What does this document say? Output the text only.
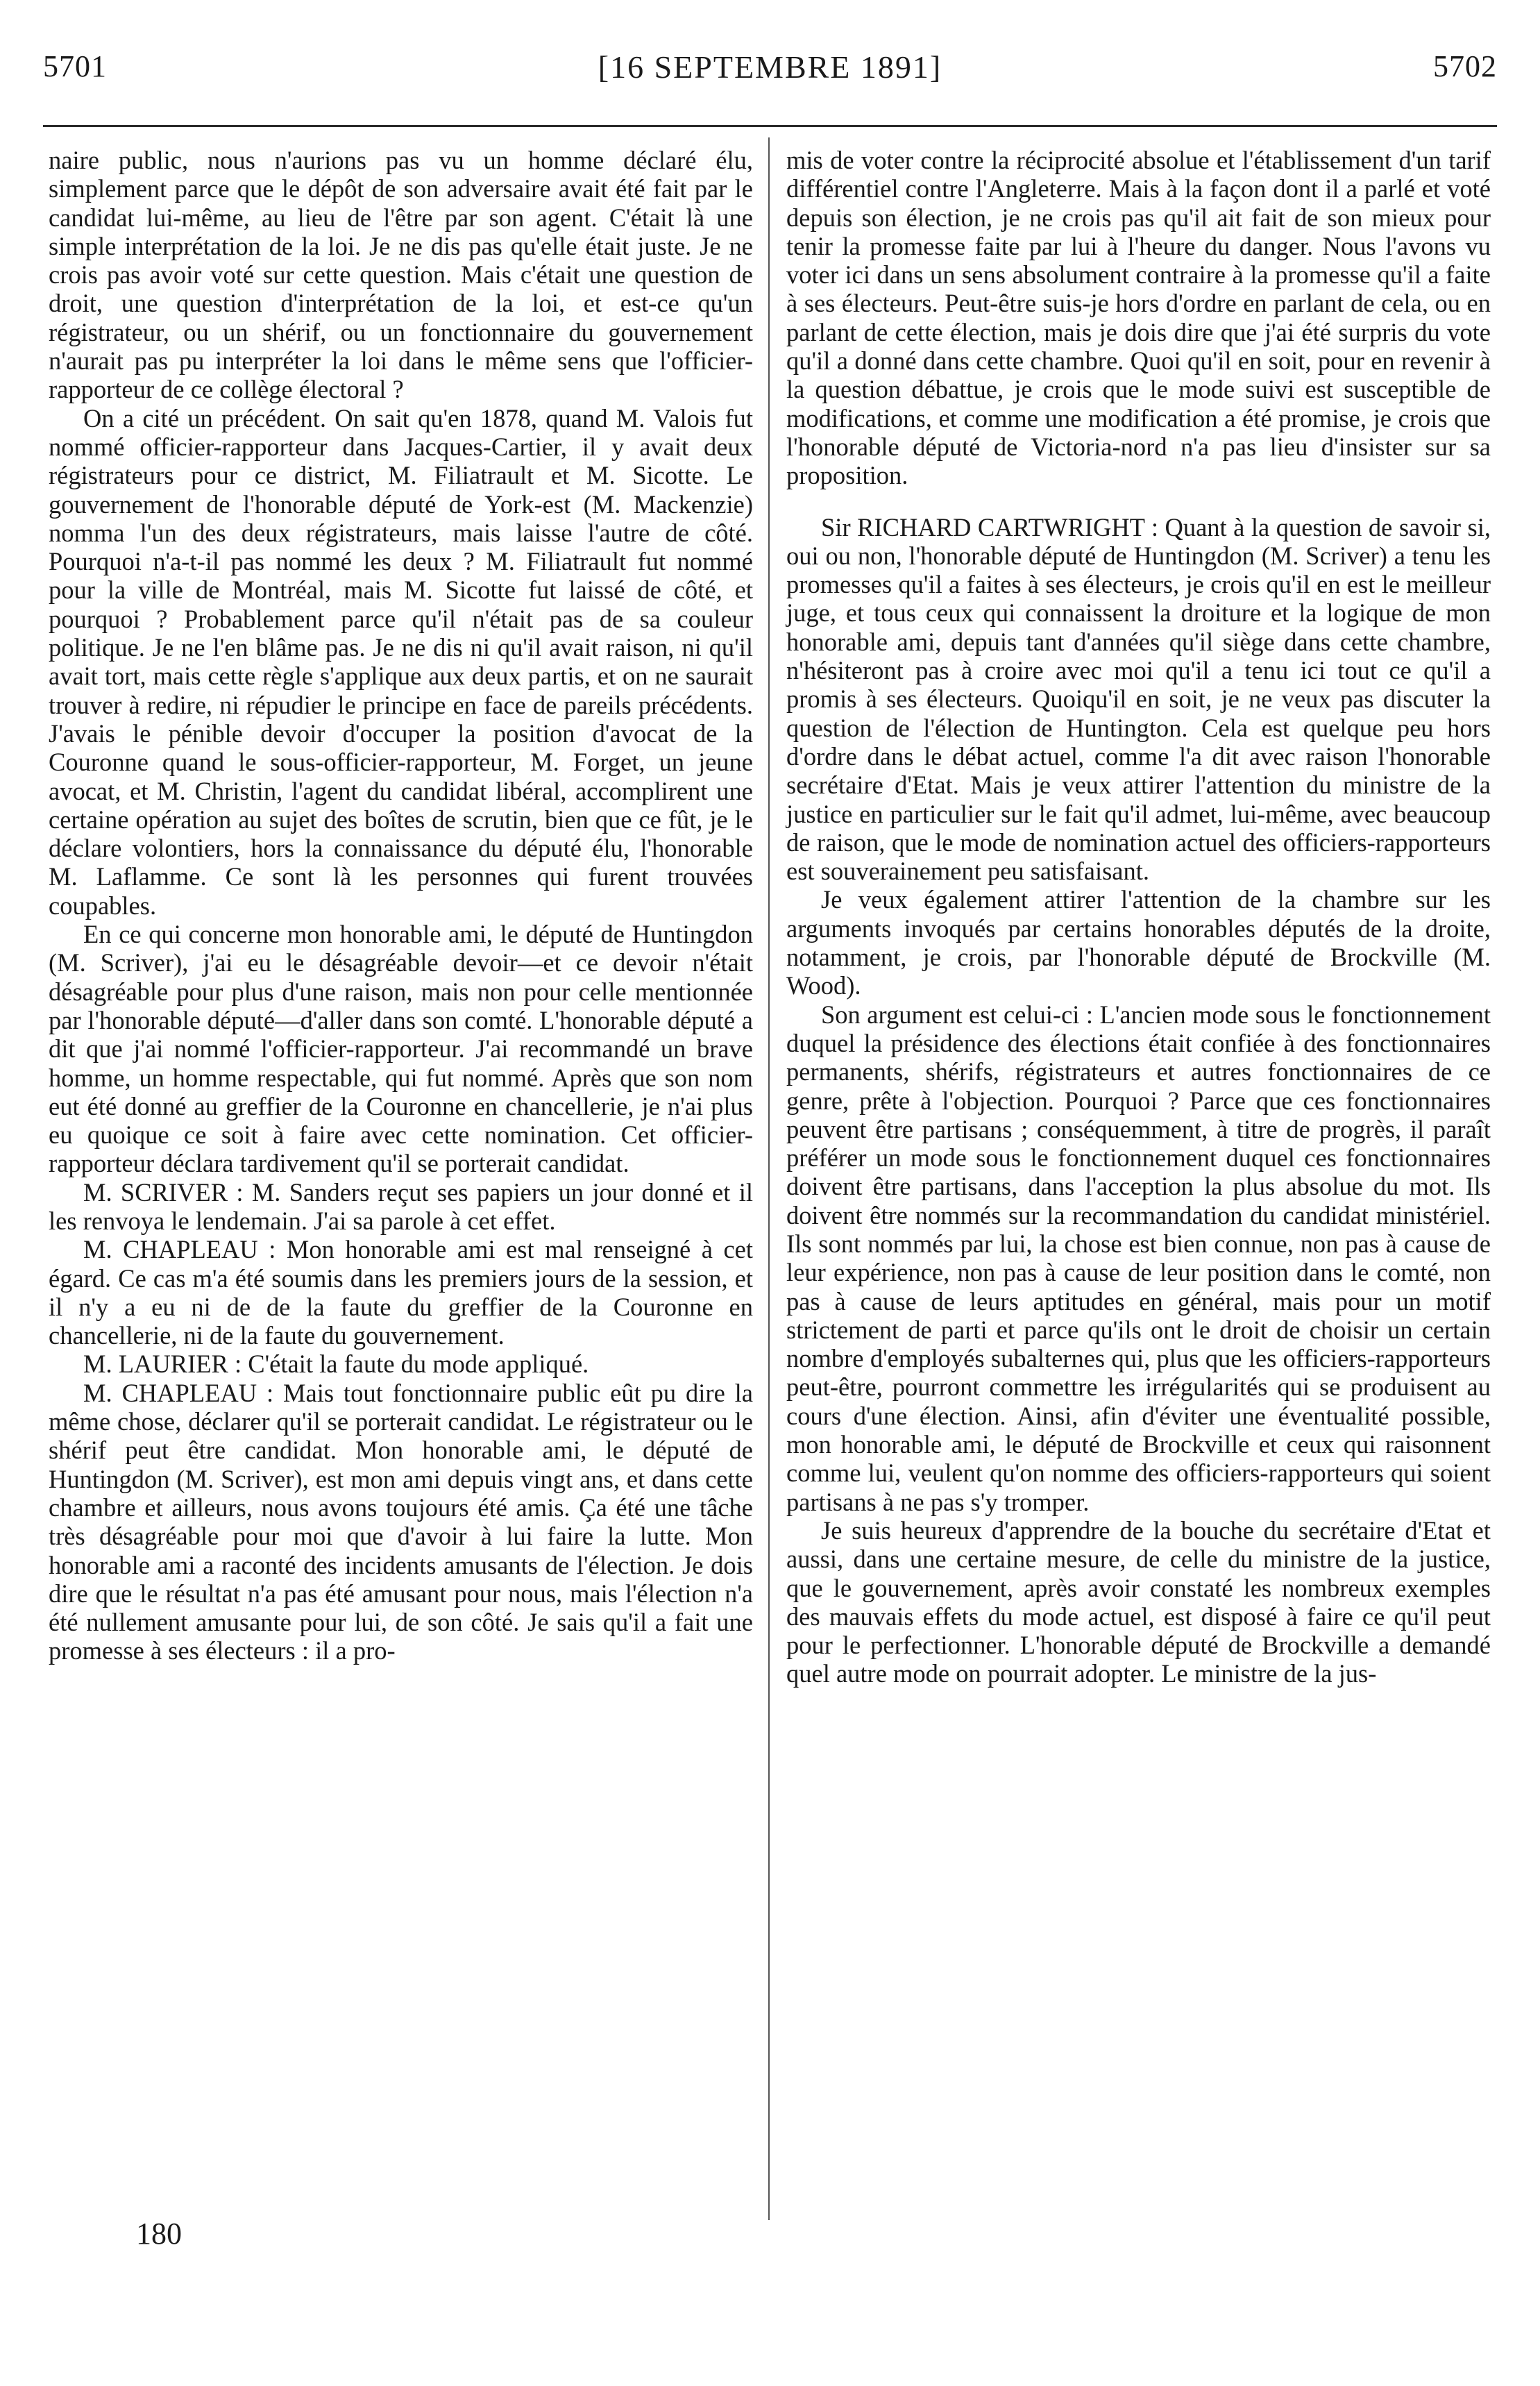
5701	[16 SEPTEMBRE 1891]	5702

naire public, nous n'aurions pas vu un homme déclaré élu, simplement parce que le dépôt de son adversaire avait été fait par le candidat lui-même, au lieu de l'être par son agent. C'était là une simple interprétation de la loi. Je ne dis pas qu'elle était juste. Je ne crois pas avoir voté sur cette question. Mais c'était une question de droit, une question d'interprétation de la loi, et est-ce qu'un régistrateur, ou un shérif, ou un fonctionnaire du gouvernement n'aurait pas pu interpréter la loi dans le même sens que l'officier-rapporteur de ce collège électoral ?

On a cité un précédent. On sait qu'en 1878, quand M. Valois fut nommé officier-rapporteur dans Jacques-Cartier, il y avait deux régistrateurs pour ce district, M. Filiatrault et M. Sicotte. Le gouvernement de l'honorable député de York-est (M. Mackenzie) nomma l'un des deux régistrateurs, mais laisse l'autre de côté. Pourquoi n'a-t-il pas nommé les deux ? M. Filiatrault fut nommé pour la ville de Montréal, mais M. Sicotte fut laissé de côté, et pourquoi ? Probablement parce qu'il n'était pas de sa couleur politique. Je ne l'en blâme pas. Je ne dis ni qu'il avait raison, ni qu'il avait tort, mais cette règle s'applique aux deux partis, et on ne saurait trouver à redire, ni répudier le principe en face de pareils précédents. J'avais le pénible devoir d'occuper la position d'avocat de la Couronne quand le sous-officier-rapporteur, M. Forget, un jeune avocat, et M. Christin, l'agent du candidat libéral, accomplirent une certaine opération au sujet des boîtes de scrutin, bien que ce fût, je le déclare volontiers, hors la connaissance du député élu, l'honorable M. Laflamme. Ce sont là les personnes qui furent trouvées coupables.

En ce qui concerne mon honorable ami, le député de Huntingdon (M. Scriver), j'ai eu le désagréable devoir—et ce devoir n'était désagréable pour plus d'une raison, mais non pour celle mentionnée par l'honorable député—d'aller dans son comté. L'honorable député a dit que j'ai nommé l'officier-rapporteur. J'ai recommandé un brave homme, un homme respectable, qui fut nommé. Après que son nom eut été donné au greffier de la Couronne en chancellerie, je n'ai plus eu quoique ce soit à faire avec cette nomination. Cet officier-rapporteur déclara tardivement qu'il se porterait candidat.

M. SCRIVER : M. Sanders reçut ses papiers un jour donné et il les renvoya le lendemain. J'ai sa parole à cet effet.

M. CHAPLEAU : Mon honorable ami est mal renseigné à cet égard. Ce cas m'a été soumis dans les premiers jours de la session, et il n'y a eu ni de de la faute du greffier de la Couronne en chancellerie, ni de la faute du gouvernement.

M. LAURIER : C'était la faute du mode appliqué.

M. CHAPLEAU : Mais tout fonctionnaire public eût pu dire la même chose, déclarer qu'il se porterait candidat. Le régistrateur ou le shérif peut être candidat. Mon honorable ami, le député de Huntingdon (M. Scriver), est mon ami depuis vingt ans, et dans cette chambre et ailleurs, nous avons toujours été amis. Ça été une tâche très désagréable pour moi que d'avoir à lui faire la lutte. Mon honorable ami a raconté des incidents amusants de l'élection. Je dois dire que le résultat n'a pas été amusant pour nous, mais l'élection n'a été nullement amusante pour lui, de son côté. Je sais qu'il a fait une promesse à ses électeurs : il a pro-

mis de voter contre la réciprocité absolue et l'établissement d'un tarif différentiel contre l'Angleterre. Mais à la façon dont il a parlé et voté depuis son élection, je ne crois pas qu'il ait fait de son mieux pour tenir la promesse faite par lui à l'heure du danger. Nous l'avons vu voter ici dans un sens absolument contraire à la promesse qu'il a faite à ses électeurs. Peut-être suis-je hors d'ordre en parlant de cela, ou en parlant de cette élection, mais je dois dire que j'ai été surpris du vote qu'il a donné dans cette chambre. Quoi qu'il en soit, pour en revenir à la question débattue, je crois que le mode suivi est susceptible de modifications, et comme une modification a été promise, je crois que l'honorable député de Victoria-nord n'a pas lieu d'insister sur sa proposition.

Sir RICHARD CARTWRIGHT : Quant à la question de savoir si, oui ou non, l'honorable député de Huntingdon (M. Scriver) a tenu les promesses qu'il a faites à ses électeurs, je crois qu'il en est le meilleur juge, et tous ceux qui connaissent la droiture et la logique de mon honorable ami, depuis tant d'années qu'il siège dans cette chambre, n'hésiteront pas à croire avec moi qu'il a tenu ici tout ce qu'il a promis à ses électeurs. Quoiqu'il en soit, je ne veux pas discuter la question de l'élection de Huntington. Cela est quelque peu hors d'ordre dans le débat actuel, comme l'a dit avec raison l'honorable secrétaire d'Etat. Mais je veux attirer l'attention du ministre de la justice en particulier sur le fait qu'il admet, lui-même, avec beaucoup de raison, que le mode de nomination actuel des officiers-rapporteurs est souverainement peu satisfaisant.

Je veux également attirer l'attention de la chambre sur les arguments invoqués par certains honorables députés de la droite, notamment, je crois, par l'honorable député de Brockville (M. Wood).

Son argument est celui-ci : L'ancien mode sous le fonctionnement duquel la présidence des élections était confiée à des fonctionnaires permanents, shérifs, régistrateurs et autres fonctionnaires de ce genre, prête à l'objection. Pourquoi ? Parce que ces fonctionnaires peuvent être partisans ; conséquemment, à titre de progrès, il paraît préférer un mode sous le fonctionnement duquel ces fonctionnaires doivent être partisans, dans l'acception la plus absolue du mot. Ils doivent être nommés sur la recommandation du candidat ministériel. Ils sont nommés par lui, la chose est bien connue, non pas à cause de leur expérience, non pas à cause de leur position dans le comté, non pas à cause de leurs aptitudes en général, mais pour un motif strictement de parti et parce qu'ils ont le droit de choisir un certain nombre d'employés subalternes qui, plus que les officiers-rapporteurs peut-être, pourront commettre les irrégularités qui se produisent au cours d'une élection. Ainsi, afin d'éviter une éventualité possible, mon honorable ami, le député de Brockville et ceux qui raisonnent comme lui, veulent qu'on nomme des officiers-rapporteurs qui soient partisans à ne pas s'y tromper.

Je suis heureux d'apprendre de la bouche du secrétaire d'Etat et aussi, dans une certaine mesure, de celle du ministre de la justice, que le gouvernement, après avoir constaté les nombreux exemples des mauvais effets du mode actuel, est disposé à faire ce qu'il peut pour le perfectionner. L'honorable député de Brockville a demandé quel autre mode on pourrait adopter. Le ministre de la jus-

180
